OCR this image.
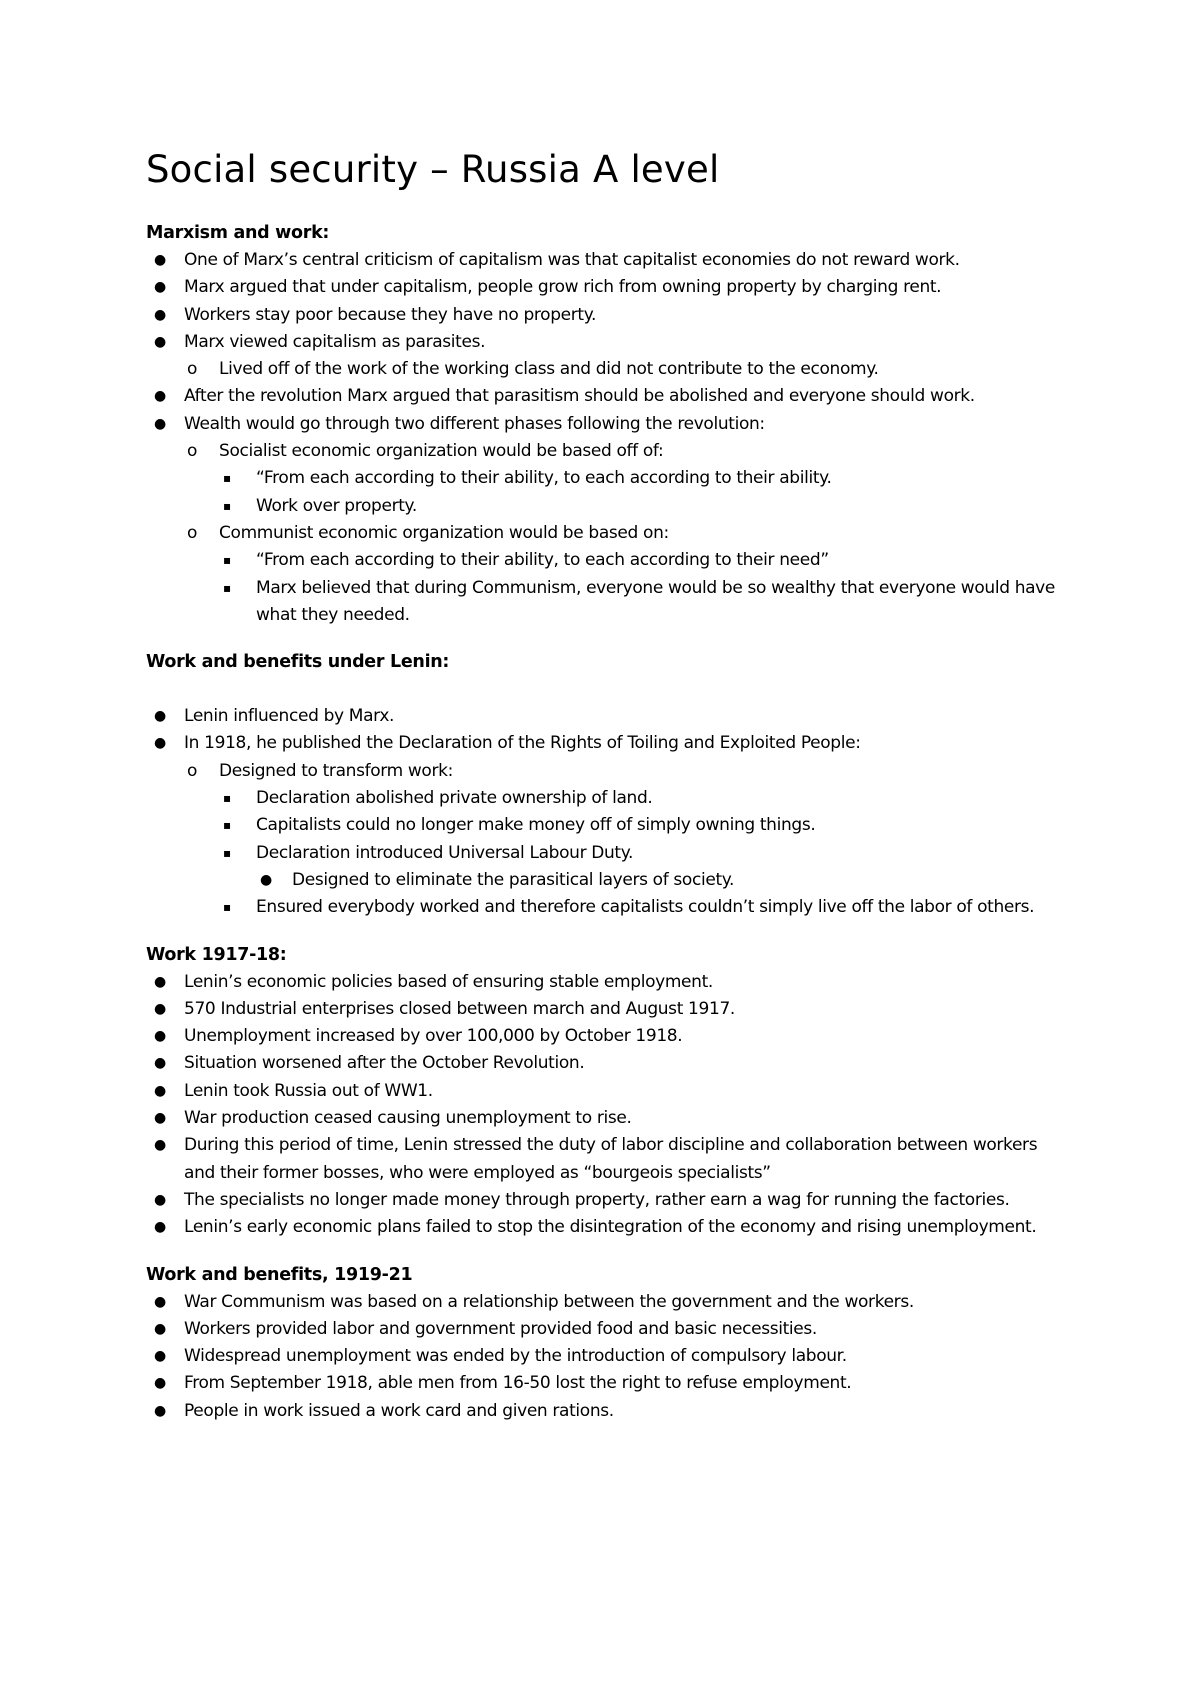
Social security – Russia A level
Marxism and work:
● One of Marx’s central criticism of capitalism was that capitalist economies do not reward work.
● Marx argued that under capitalism, people grow rich from owning property by charging rent.
● Workers stay poor because they have no property.
● Marx viewed capitalism as parasites.
o Lived off of the work of the working class and did not contribute to the economy.
● After the revolution Marx argued that parasitism should be abolished and everyone should work.
● Wealth would go through two different phases following the revolution:
o Socialist economic organization would be based off of:
▪ “From each according to their ability, to each according to their ability.
▪ Work over property.
o Communist economic organization would be based on:
▪ “From each according to their ability, to each according to their need”
▪ Marx believed that during Communism, everyone would be so wealthy that everyone would have what they needed.
Work and benefits under Lenin:
● Lenin influenced by Marx.
● In 1918, he published the Declaration of the Rights of Toiling and Exploited People:
o Designed to transform work:
▪ Declaration abolished private ownership of land.
▪ Capitalists could no longer make money off of simply owning things.
▪ Declaration introduced Universal Labour Duty.
● Designed to eliminate the parasitical layers of society.
▪ Ensured everybody worked and therefore capitalists couldn’t simply live off the labor of others.
Work 1917-18:
● Lenin’s economic policies based of ensuring stable employment.
● 570 Industrial enterprises closed between march and August 1917.
● Unemployment increased by over 100,000 by October 1918.
● Situation worsened after the October Revolution.
● Lenin took Russia out of WW1.
● War production ceased causing unemployment to rise.
● During this period of time, Lenin stressed the duty of labor discipline and collaboration between workers and their former bosses, who were employed as “bourgeois specialists”
● The specialists no longer made money through property, rather earn a wag for running the factories.
● Lenin’s early economic plans failed to stop the disintegration of the economy and rising unemployment.
Work and benefits, 1919-21
● War Communism was based on a relationship between the government and the workers.
● Workers provided labor and government provided food and basic necessities.
● Widespread unemployment was ended by the introduction of compulsory labour.
● From September 1918, able men from 16-50 lost the right to refuse employment.
● People in work issued a work card and given rations.
